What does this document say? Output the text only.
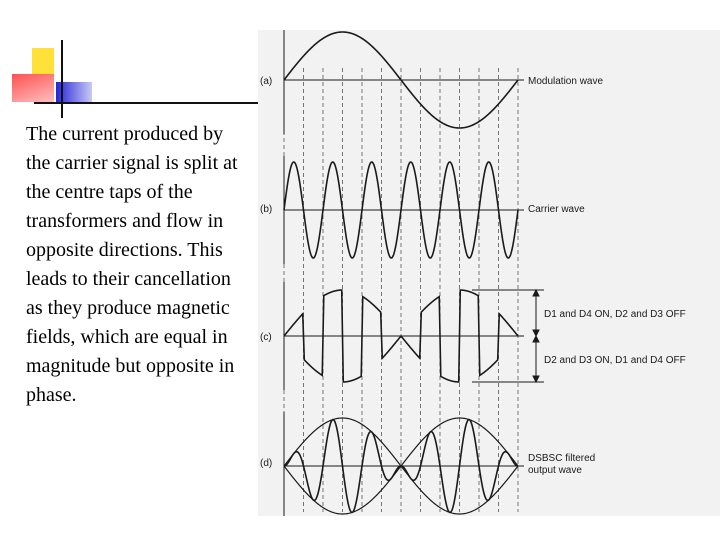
The current produced by the carrier signal is split at the centre taps of the transformers and flow in opposite directions. This leads to their cancellation as they produce magnetic fields, which are equal in magnitude but opposite in phase.

(a)	Modulation wave
(b)	Carrier wave
(c)
D1 and D4 ON, D2 and D3 OFF
D2 and D3 ON, D1 and D4 OFF
(d)	DSBSC filtered
output wave
